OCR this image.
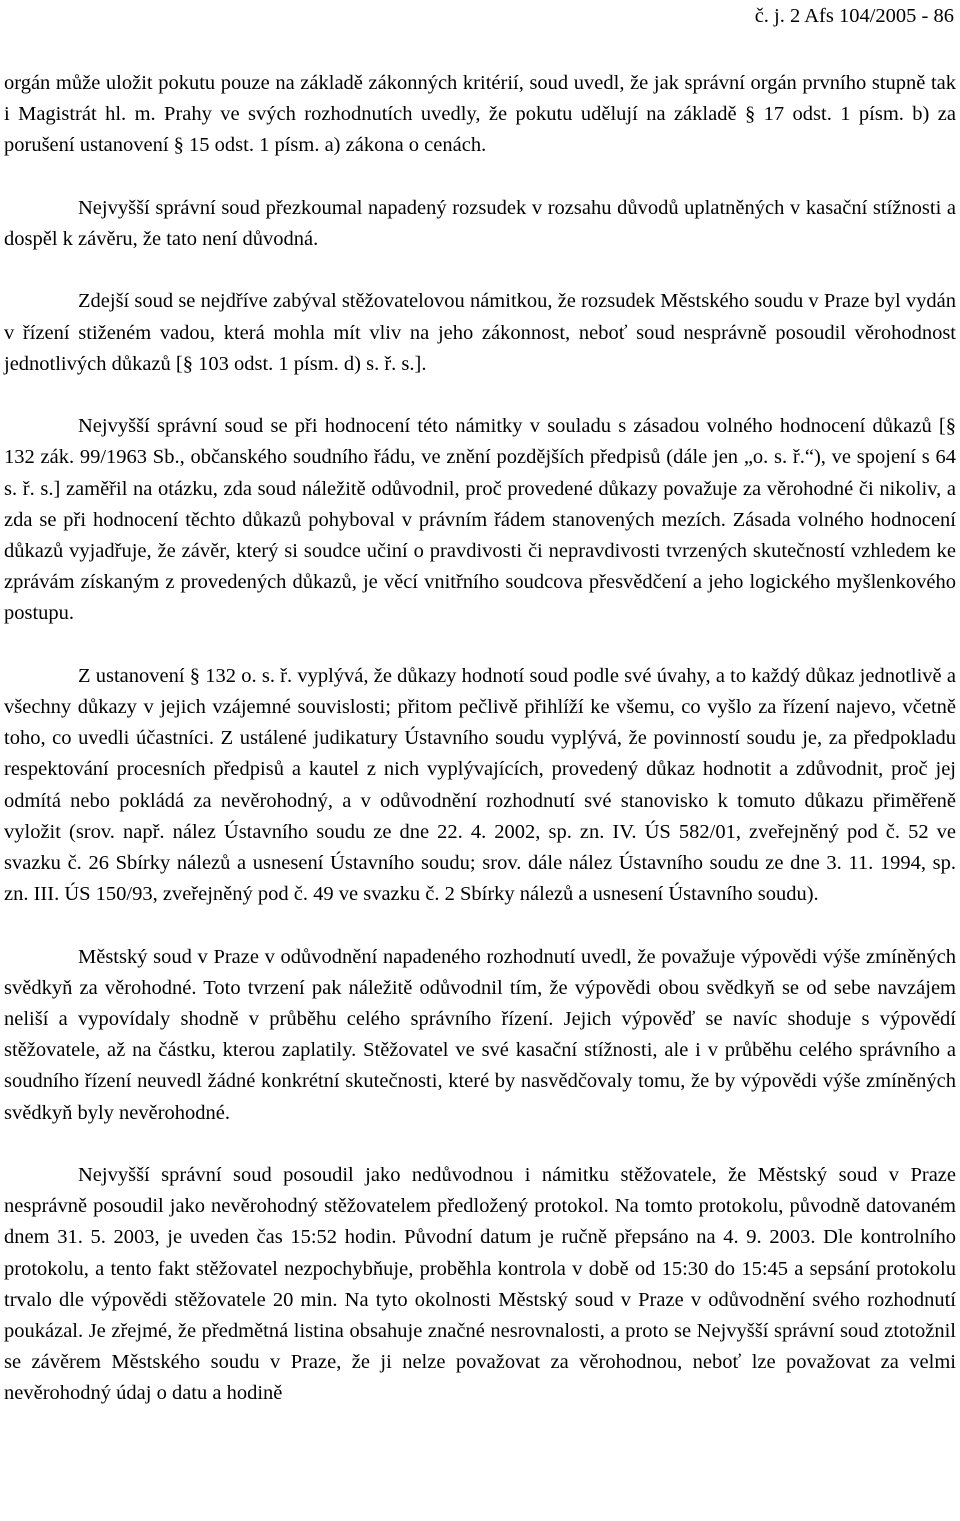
č. j. 2 Afs 104/2005 - 86

orgán může uložit pokutu pouze na základě zákonných kritérií, soud uvedl, že jak správní orgán prvního stupně tak i Magistrát hl. m. Prahy ve svých rozhodnutích uvedly, že pokutu udělují na základě § 17 odst. 1 písm. b) za porušení ustanovení § 15 odst. 1 písm. a) zákona o cenách.

Nejvyšší správní soud přezkoumal napadený rozsudek v rozsahu důvodů uplatněných v kasační stížnosti a dospěl k závěru, že tato není důvodná.

Zdejší soud se nejdříve zabýval stěžovatelovou námitkou, že rozsudek Městského soudu v Praze byl vydán v řízení stiženém vadou, která mohla mít vliv na jeho zákonnost, neboť soud nesprávně posoudil věrohodnost jednotlivých důkazů [§ 103 odst. 1 písm. d) s. ř. s.].

Nejvyšší správní soud se při hodnocení této námitky v souladu s zásadou volného hodnocení důkazů [§ 132 zák. 99/1963 Sb., občanského soudního řádu, ve znění pozdějších předpisů (dále jen „o. s. ř.“), ve spojení s 64 s. ř. s.] zaměřil na otázku, zda soud náležitě odůvodnil, proč provedené důkazy považuje za věrohodné či nikoliv, a zda se při hodnocení těchto důkazů pohyboval v právním řádem stanovených mezích. Zásada volného hodnocení důkazů vyjadřuje, že závěr, který si soudce učiní o pravdivosti či nepravdivosti tvrzených skutečností vzhledem ke zprávám získaným z provedených důkazů, je věcí vnitřního soudcova přesvědčení a jeho logického myšlenkového postupu.

Z ustanovení § 132 o. s. ř. vyplývá, že důkazy hodnotí soud podle své úvahy, a to každý důkaz jednotlivě a všechny důkazy v jejich vzájemné souvislosti; přitom pečlivě přihlíží ke všemu, co vyšlo za řízení najevo, včetně toho, co uvedli účastníci. Z ustálené judikatury Ústavního soudu vyplývá, že povinností soudu je, za předpokladu respektování procesních předpisů a kautel z nich vyplývajících, provedený důkaz hodnotit a zdůvodnit, proč jej odmítá nebo pokládá za nevěrohodný, a v odůvodnění rozhodnutí své stanovisko k tomuto důkazu přiměřeně vyložit (srov. např. nález Ústavního soudu ze dne 22. 4. 2002, sp. zn. IV. ÚS 582/01, zveřejněný pod č. 52 ve svazku č. 26 Sbírky nálezů a usnesení Ústavního soudu; srov. dále nález Ústavního soudu ze dne 3. 11. 1994, sp. zn. III. ÚS 150/93, zveřejněný pod č. 49 ve svazku č. 2 Sbírky nálezů a usnesení Ústavního soudu).

Městský soud v Praze v odůvodnění napadeného rozhodnutí uvedl, že považuje výpovědi výše zmíněných svědkyň za věrohodné. Toto tvrzení pak náležitě odůvodnil tím, že výpovědi obou svědkyň se od sebe navzájem neliší a vypovídaly shodně v průběhu celého správního řízení. Jejich výpověď se navíc shoduje s výpovědí stěžovatele, až na částku, kterou zaplatily. Stěžovatel ve své kasační stížnosti, ale i v průběhu celého správního a soudního řízení neuvedl žádné konkrétní skutečnosti, které by nasvědčovaly tomu, že by výpovědi výše zmíněných svědkyň byly nevěrohodné.

Nejvyšší správní soud posoudil jako nedůvodnou i námitku stěžovatele, že Městský soud v Praze nesprávně posoudil jako nevěrohodný stěžovatelem předložený protokol. Na tomto protokolu, původně datovaném dnem 31. 5. 2003, je uveden čas 15:52 hodin. Původní datum je ručně přepsáno na 4. 9. 2003. Dle kontrolního protokolu, a tento fakt stěžovatel nezpochybňuje, proběhla kontrola v době od 15:30 do 15:45 a sepsání protokolu trvalo dle výpovědi stěžovatele 20 min. Na tyto okolnosti Městský soud v Praze v odůvodnění svého rozhodnutí poukázal. Je zřejmé, že předmětná listina obsahuje značné nesrovnalosti, a proto se Nejvyšší správní soud ztotožnil se závěrem Městského soudu v Praze, že ji nelze považovat za věrohodnou, neboť lze považovat za velmi nevěrohodný údaj o datu a hodině
